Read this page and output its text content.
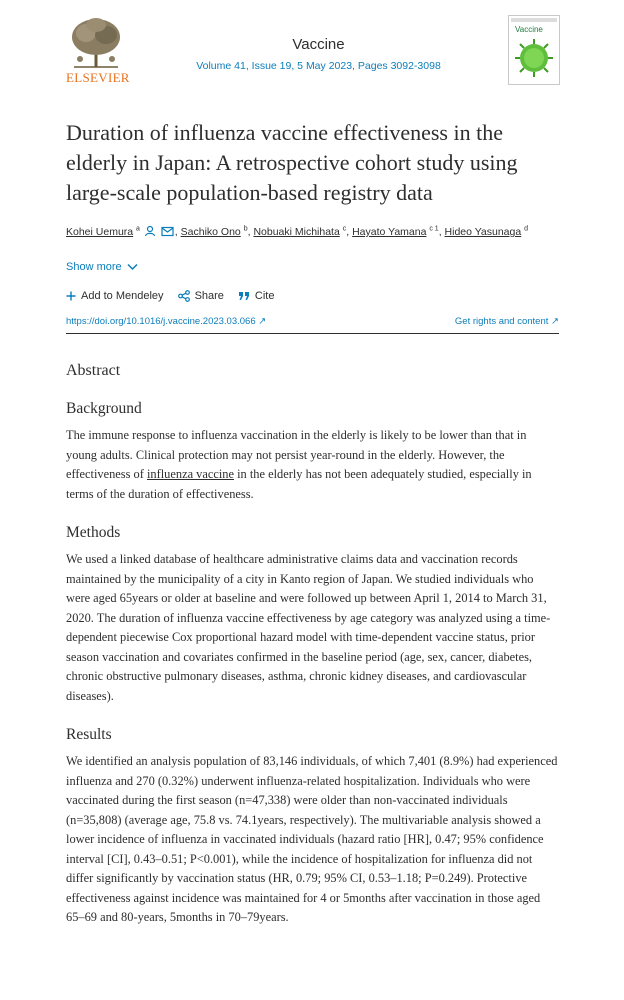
ELSEVIER
Vaccine
Volume 41, Issue 19, 5 May 2023, Pages 3092-3098
Vaccine
Duration of influenza vaccine effectiveness in the elderly in Japan: A retrospective cohort study using large-scale population-based registry data
Kohei Uemura $^a$	, Sachiko Ono $^b$, Nobuaki Michihata $^c$, Hayato Yamana $^{c 1}$, Hideo Yasunaga $^d$
Show more
Add to Mendeley	Share	Cite
https://doi.org/10.1016/j.vaccine.2023.03.066 ↗	Get rights and content ↗
Abstract
Background
The immune response to influenza vaccination in the elderly is likely to be lower than that in young adults. Clinical protection may not persist year-round in the elderly. However, the effectiveness of influenza vaccine in the elderly has not been adequately studied, especially in terms of the duration of effectiveness.
Methods
We used a linked database of healthcare administrative claims data and vaccination records maintained by the municipality of a city in Kanto region of Japan. We studied individuals who were aged 65years or older at baseline and were followed up between April 1, 2014 to March 31, 2020. The duration of influenza vaccine effectiveness by age category was analyzed using a time-dependent piecewise Cox proportional hazard model with time-dependent vaccine status, prior season vaccination and covariates confirmed in the baseline period (age, sex, cancer, diabetes, chronic obstructive pulmonary diseases, asthma, chronic kidney diseases, and cardiovascular diseases).
Results
We identified an analysis population of 83,146 individuals, of which 7,401 (8.9%) had experienced influenza and 270 (0.32%) underwent influenza-related hospitalization. Individuals who were vaccinated during the first season (n=47,338) were older than non-vaccinated individuals (n=35,808) (average age, 75.8 vs. 74.1years, respectively). The multivariable analysis showed a lower incidence of influenza in vaccinated individuals (hazard ratio [HR], 0.47; 95% confidence interval [CI], 0.43–0.51; P<0.001), while the incidence of hospitalization for influenza did not differ significantly by vaccination status (HR, 0.79; 95% CI, 0.53–1.18; P=0.249). Protective effectiveness against incidence was maintained for 4 or 5months after vaccination in those aged 65–69 and 80-years, 5months in 70–79years.
